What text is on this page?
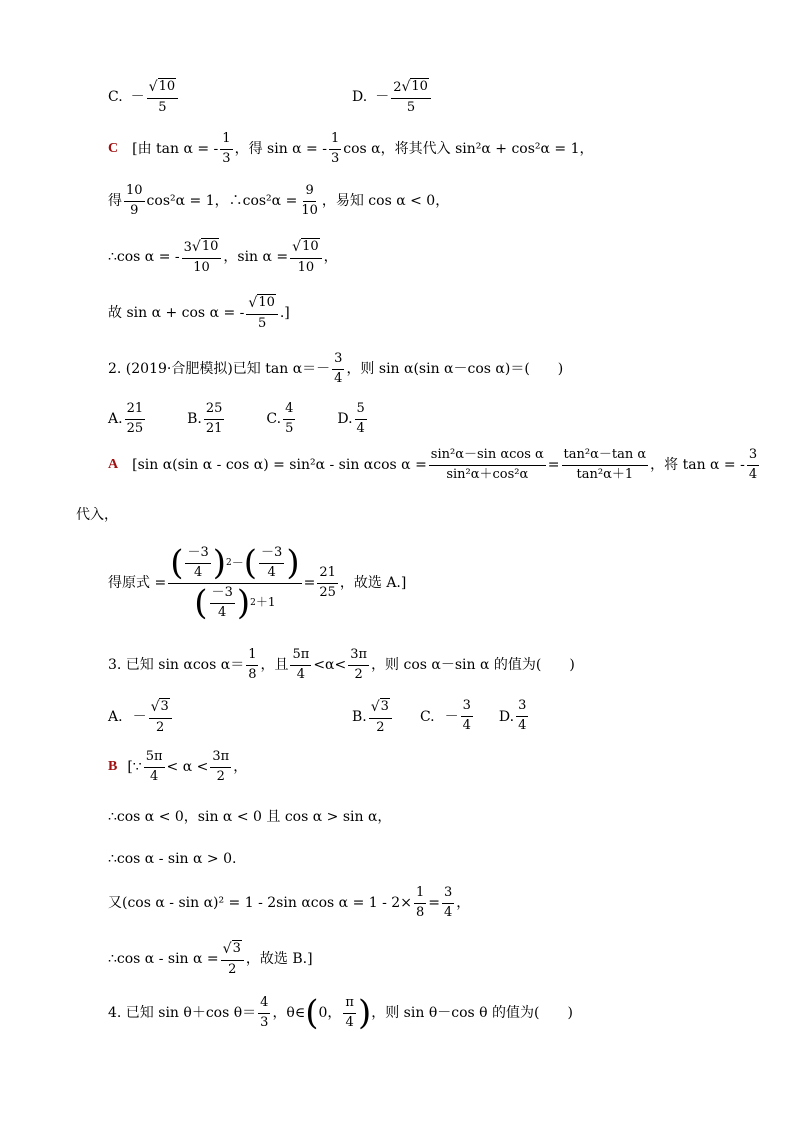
C. － $\frac{√ 10}{5}$	D. － $\frac{2 √ 10}{5}$
C [由 tan α = - $\frac{1}{3}$ ，得 sin α = - $\frac{1}{3}$ cos α，将其代入 sin²α + cos²α = 1，
得 $\frac{10}{9} \cos^2\alpha = 1$，∴cos²α = $\frac{9}{10}$ ，易知 cos α < 0，
∴cos α = - $\frac{3 √ 10}{10}$ ，$\sin \alpha = \frac{√ 10}{10}$ ，
故 sin α + cos α = - $\frac{√ 10}{5}$ .]
2. (2019·合肥模拟)已知 $\tan \alpha=- \frac{3}{4}$ ，则 sin α(sin α－cos α)＝(　　)
A. $\frac{21}{25}$	B. $\frac{25}{21}$	C. $\frac{4}{5}$	D. $\frac{5}{4}$
A [sin α(sin α - cos α) = sin²α - sin αcos $\alpha = \frac{\text{sin²α－sin αcos α}}{\text{sin²α＋cos²α}} = \frac{\text{tan²α－tan α}}{\text{tan²α＋1}}$ ，将 tan α = - $\frac{3}{4}$
代入，
得原式 = ( $\frac{-3}{4}$ ) 2 － ( $\frac{-3}{4}$ )
( $\frac{-3}{4}$ ) 2 ＋1
= $\frac{21}{25}$ ，故选 A.]
3. 已知 sin αcos $\alpha= \frac{1}{8}$ ，且 $\frac{5\pi}{4} <\alpha< \frac{3\pi}{2}$ ，则 cos α－sin α 的值为(　　)
A. － $\frac{√ 3}{2}$	B. $\frac{√ 3}{2} C$. － $\frac{3}{4} D$. $\frac{3}{4}$
B [∵ $\frac{5\pi}{4} < \alpha < \frac{3\pi}{2}$ ，
∴cos α < 0，sin α < 0 且 cos α > sin α，
∴cos α - sin α > 0.
又(cos α - sin α)² = 1 - 2sin αcos $\alpha = 1 - 2\times \frac{1}{8} = \frac{3}{4}$ ，
∴cos $\alpha - \sin \alpha = \frac{√ 3}{2}$ ，故选 B.]
4. 已知 sin θ＋cos $\theta= \frac{4}{3}$ ，θ∈ ( 0， $\frac{\pi}{4}$ ) ，则 sin θ－cos θ 的值为(　　)
